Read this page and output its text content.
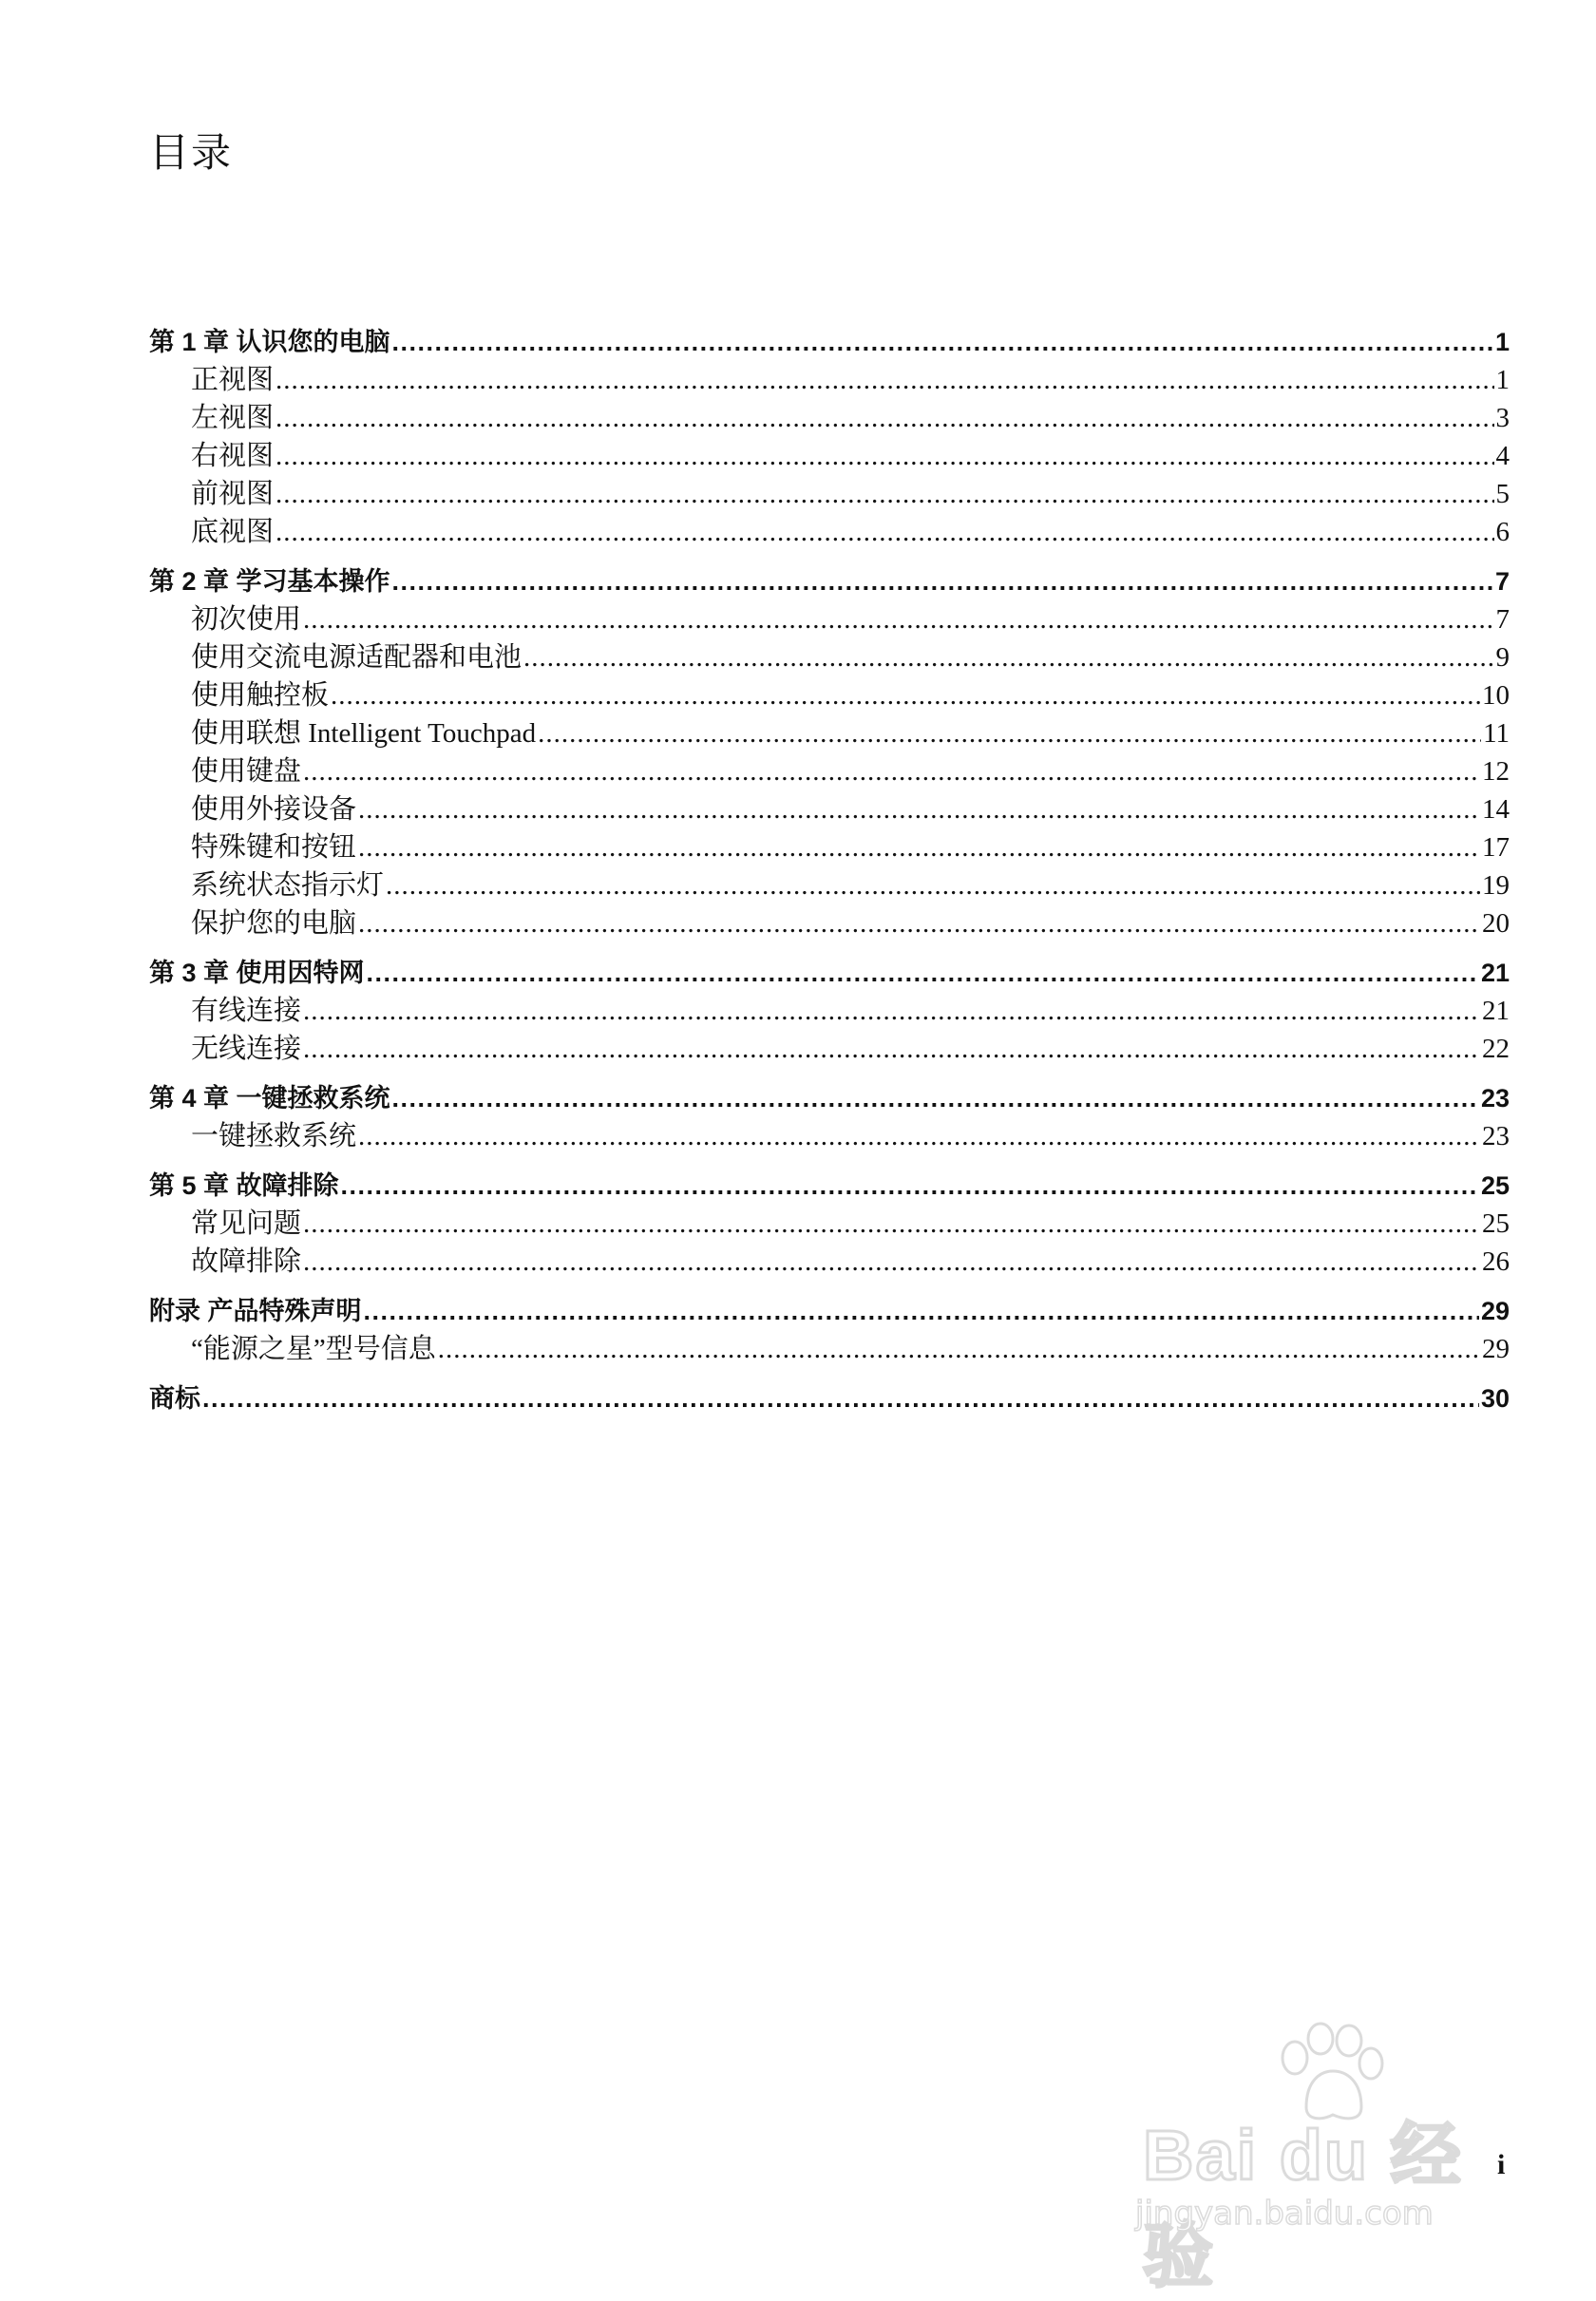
目录
第 1 章 认识您的电脑 .....	1
正视图 .....	1
左视图 .....	3
右视图 .....	4
前视图 .....	5
底视图 .....	6
第 2 章 学习基本操作 .....	7
初次使用 .....	7
使用交流电源适配器和电池 .....	9
使用触控板 .....	10
使用联想 Intelligent Touchpad .....	11
使用键盘 .....	12
使用外接设备 .....	14
特殊键和按钮 .....	17
系统状态指示灯 .....	19
保护您的电脑 .....	20
第 3 章 使用因特网 .....	21
有线连接 .....	21
无线连接 .....	22
第 4 章 一键拯救系统 .....	23
一键拯救系统 .....	23
第 5 章 故障排除 .....	25
常见问题 .....	25
故障排除 .....	26
附录 产品特殊声明 .....	29
“能源之星”型号信息 .....	29
商标 .....	30
i
Bai du 经验
jingyan.baidu.com
